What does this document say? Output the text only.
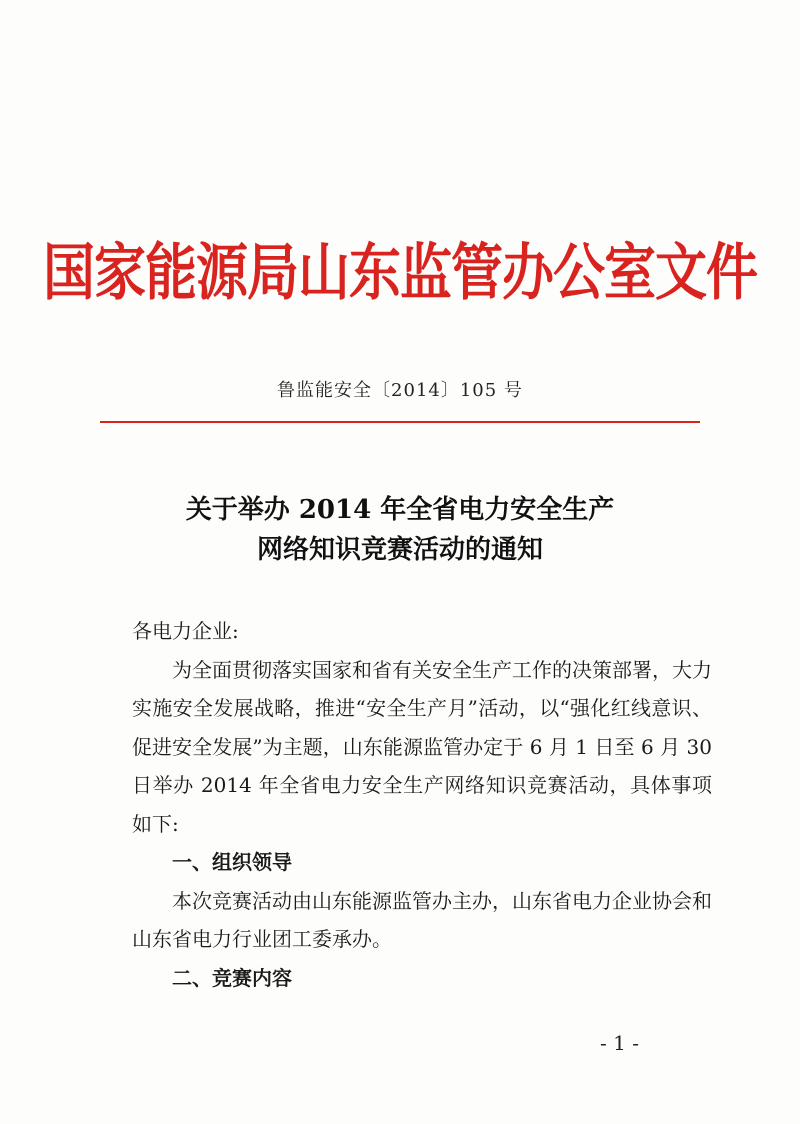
国家能源局山东监管办公室文件
鲁监能安全〔2014〕105 号
关于举办 2014 年全省电力安全生产
网络知识竞赛活动的通知

各电力企业:

为全面贯彻落实国家和省有关安全生产工作的决策部署，大力实施安全发展战略，推进“安全生产月”活动，以“强化红线意识、促进安全发展”为主题，山东能源监管办定于 6 月 1 日至 6 月 30 日举办 2014 年全省电力安全生产网络知识竞赛活动，具体事项如下:

一、组织领导

本次竞赛活动由山东能源监管办主办，山东省电力企业协会和山东省电力行业团工委承办。

二、竞赛内容

- 1 -
